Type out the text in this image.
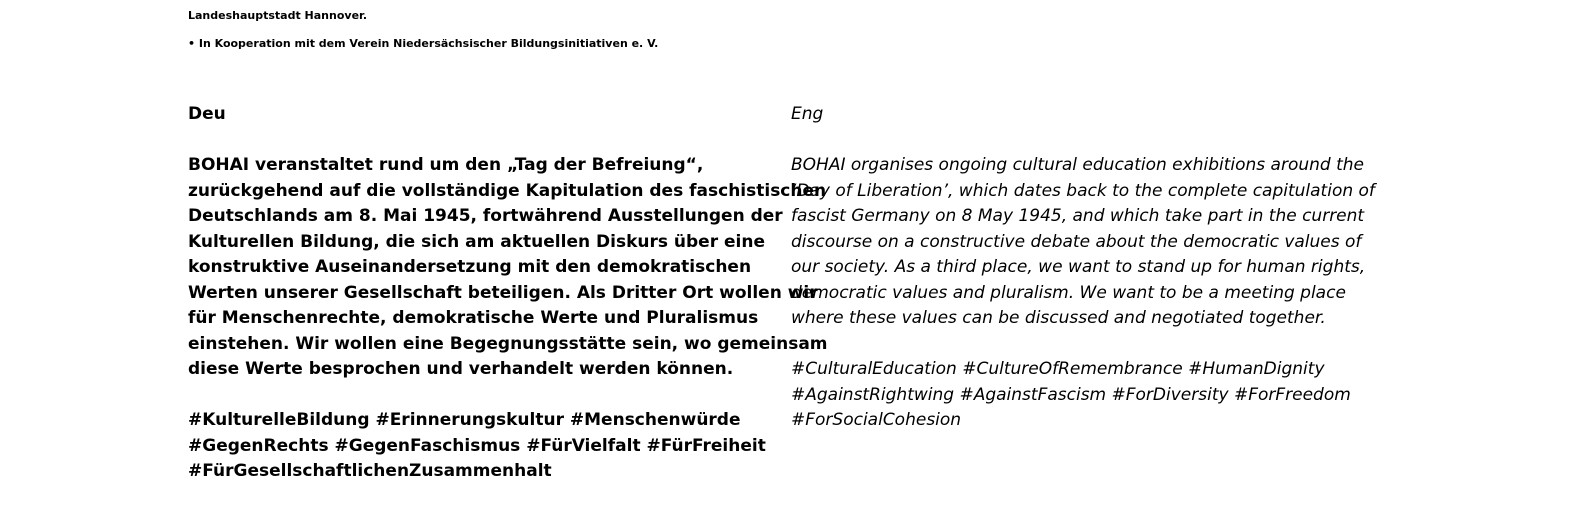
Landeshauptstadt Hannover.
• In Kooperation mit dem Verein Niedersächsischer Bildungsinitiativen e. V.
Deu
BOHAI veranstaltet rund um den „Tag der Befreiung“,
zurückgehend auf die vollständige Kapitulation des faschistischen
Deutschlands am 8. Mai 1945, fortwährend Ausstellungen der
Kulturellen Bildung, die sich am aktuellen Diskurs über eine
konstruktive Auseinandersetzung mit den demokratischen
Werten unserer Gesellschaft beteiligen. Als Dritter Ort wollen wir
für Menschenrechte, demokratische Werte und Pluralismus
einstehen. Wir wollen eine Begegnungsstätte sein, wo gemeinsam
diese Werte besprochen und verhandelt werden können.
#KulturelleBildung #Erinnerungskultur #Menschenwürde
#GegenRechts #GegenFaschismus #FürVielfalt #FürFreiheit
#FürGesellschaftlichenZusammenhalt
Eng
BOHAI organises ongoing cultural education exhibitions around the
‘Day of Liberation’, which dates back to the complete capitulation of
fascist Germany on 8 May 1945, and which take part in the current
discourse on a constructive debate about the democratic values of
our society. As a third place, we want to stand up for human rights,
democratic values and pluralism. We want to be a meeting place
where these values can be discussed and negotiated together.
#CulturalEducation #CultureOfRemembrance #HumanDignity
#AgainstRightwing #AgainstFascism #ForDiversity #ForFreedom
#ForSocialCohesion
